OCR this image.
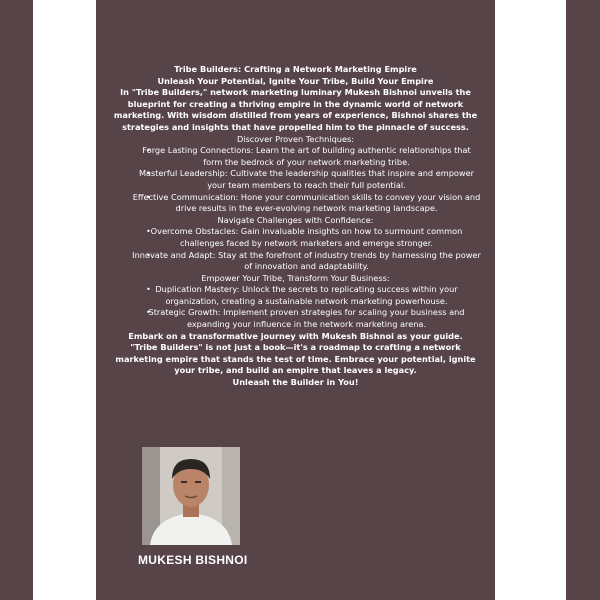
Tribe Builders: Crafting a Network Marketing Empire

Unleash Your Potential, Ignite Your Tribe, Build Your Empire

In "Tribe Builders," network marketing luminary Mukesh Bishnoi unveils the blueprint for creating a thriving empire in the dynamic world of network marketing. With wisdom distilled from years of experience, Bishnoi shares the strategies and insights that have propelled him to the pinnacle of success.

Discover Proven Techniques:

• Forge Lasting Connections: Learn the art of building authentic relationships that form the bedrock of your network marketing tribe.
• Masterful Leadership: Cultivate the leadership qualities that inspire and empower your team members to reach their full potential.
• Effective Communication: Hone your communication skills to convey your vision and drive results in the ever-evolving network marketing landscape.

Navigate Challenges with Confidence:

• Overcome Obstacles: Gain invaluable insights on how to surmount common challenges faced by network marketers and emerge stronger.
• Innovate and Adapt: Stay at the forefront of industry trends by harnessing the power of innovation and adaptability.

Empower Your Tribe, Transform Your Business:

• Duplication Mastery: Unlock the secrets to replicating success within your organization, creating a sustainable network marketing powerhouse.
• Strategic Growth: Implement proven strategies for scaling your business and expanding your influence in the network marketing arena.

Embark on a transformative journey with Mukesh Bishnoi as your guide.

"Tribe Builders" is not just a book—it's a roadmap to crafting a network marketing empire that stands the test of time. Embrace your potential, ignite your tribe, and build an empire that leaves a legacy.

Unleash the Builder in You!

MUKESH BISHNOI
